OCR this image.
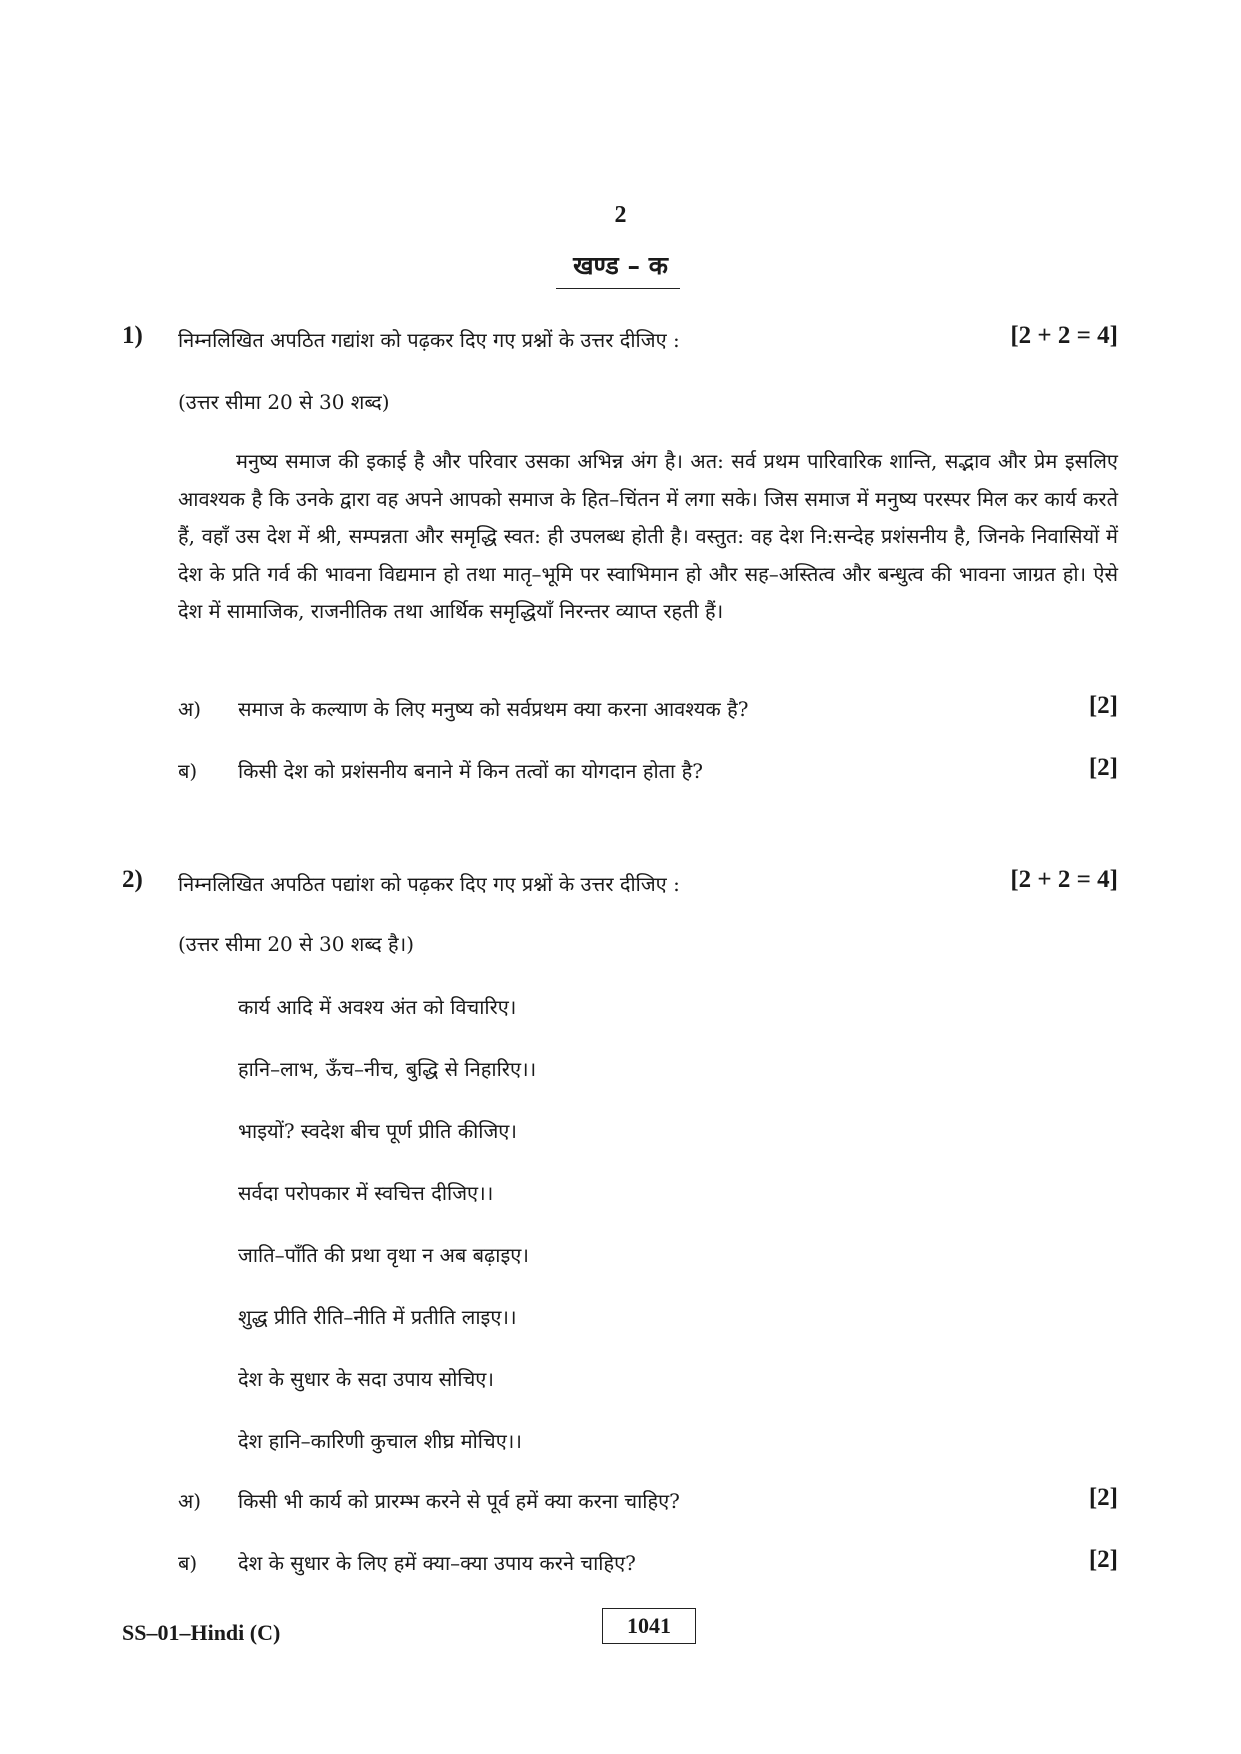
2
खण्ड – क
1) निम्नलिखित अपठित गद्यांश को पढ़कर दिए गए प्रश्नों के उत्तर दीजिए :	[2 + 2 = 4]
(उत्तर सीमा 20 से 30 शब्द)
मनुष्य समाज की इकाई है और परिवार उसका अभिन्न अंग है। अत: सर्व प्रथम पारिवारिक शान्ति, सद्भाव और प्रेम इसलिए आवश्यक है कि उनके द्वारा वह अपने आपको समाज के हित–चिंतन में लगा सके। जिस समाज में मनुष्य परस्पर मिल कर कार्य करते हैं, वहाँ उस देश में श्री, सम्पन्नता और समृद्धि स्वत: ही उपलब्ध होती है। वस्तुत: वह देश नि:सन्देह प्रशंसनीय है, जिनके निवासियों में देश के प्रति गर्व की भावना विद्यमान हो तथा मातृ–भूमि पर स्वाभिमान हो और सह–अस्तित्व और बन्धुत्व की भावना जाग्रत हो। ऐसे देश में सामाजिक, राजनीतिक तथा आर्थिक समृद्धियाँ निरन्तर व्याप्त रहती हैं।
अ) समाज के कल्याण के लिए मनुष्य को सर्वप्रथम क्या करना आवश्यक है?	[2]
ब) किसी देश को प्रशंसनीय बनाने में किन तत्वों का योगदान होता है?	[2]
2) निम्नलिखित अपठित पद्यांश को पढ़कर दिए गए प्रश्नों के उत्तर दीजिए :	[2 + 2 = 4]
(उत्तर सीमा 20 से 30 शब्द है।)
कार्य आदि में अवश्य अंत को विचारिए।
हानि–लाभ, ऊँच–नीच, बुद्धि से निहारिए।।
भाइयों? स्वदेश बीच पूर्ण प्रीति कीजिए।
सर्वदा परोपकार में स्वचित्त दीजिए।।
जाति–पाँति की प्रथा वृथा न अब बढ़ाइए।
शुद्ध प्रीति रीति–नीति में प्रतीति लाइए।।
देश के सुधार के सदा उपाय सोचिए।
देश हानि–कारिणी कुचाल शीघ्र मोचिए।।
अ) किसी भी कार्य को प्रारम्भ करने से पूर्व हमें क्या करना चाहिए?	[2]
ब) देश के सुधार के लिए हमें क्या–क्या उपाय करने चाहिए?	[2]
SS–01–Hindi (C)	1041
